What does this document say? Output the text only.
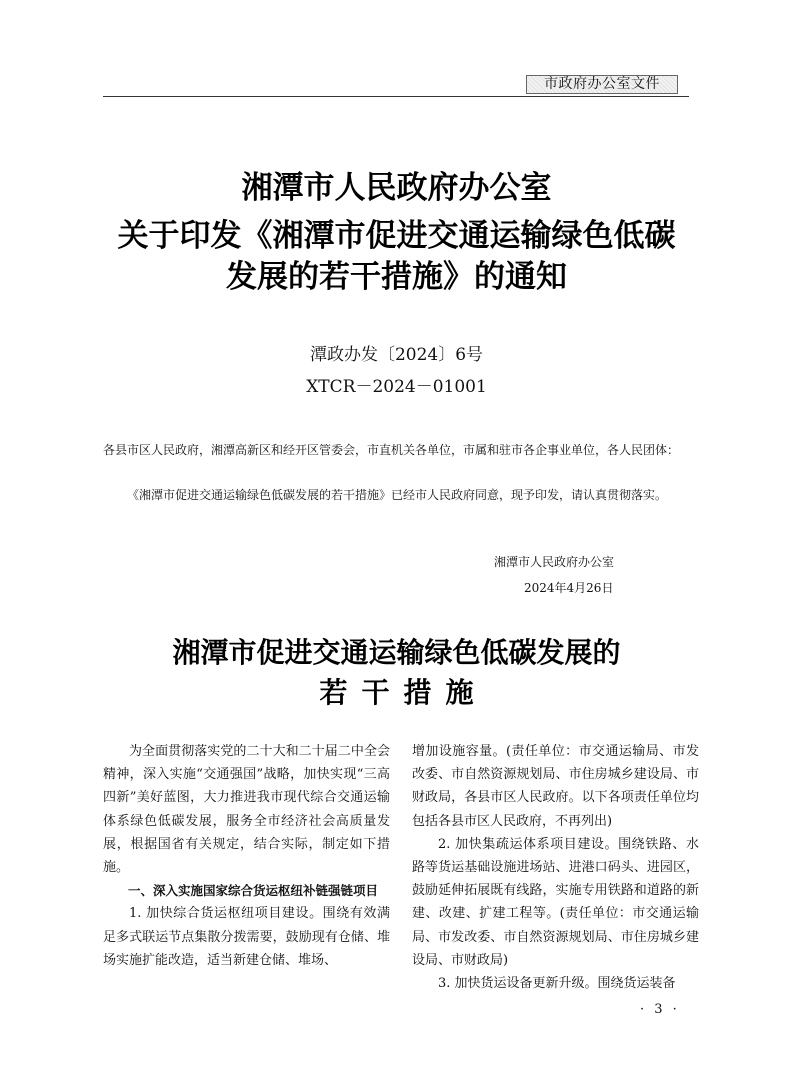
市政府办公室文件
湘潭市人民政府办公室
关于印发《湘潭市促进交通运输绿色低碳
发展的若干措施》的通知
潭政办发〔2024〕6号
XTCR－2024－01001
各县市区人民政府，湘潭高新区和经开区管委会，市直机关各单位，市属和驻市各企事业单位，各人民团体：
《湘潭市促进交通运输绿色低碳发展的若干措施》已经市人民政府同意，现予印发，请认真贯彻落实。
湘潭市人民政府办公室
2024年4月26日
湘潭市促进交通运输绿色低碳发展的
若干措施

为全面贯彻落实党的二十大和二十届二中全会精神，深入实施“交通强国”战略，加快实现“三高四新”美好蓝图，大力推进我市现代综合交通运输体系绿色低碳发展，服务全市经济社会高质量发展，根据国省有关规定，结合实际，制定如下措施。

一、深入实施国家综合货运枢纽补链强链项目

1. 加快综合货运枢纽项目建设。围绕有效满足多式联运节点集散分拨需要，鼓励现有仓储、堆场实施扩能改造，适当新建仓储、堆场、

增加设施容量。(责任单位：市交通运输局、市发改委、市自然资源规划局、市住房城乡建设局、市财政局，各县市区人民政府。以下各项责任单位均包括各县市区人民政府，不再列出)

2. 加快集疏运体系项目建设。围绕铁路、水路等货运基础设施进场站、进港口码头、进园区，鼓励延伸拓展既有线路，实施专用铁路和道路的新建、改建、扩建工程等。(责任单位：市交通运输局、市发改委、市自然资源规划局、市住房城乡建设局、市财政局)

3. 加快货运设备更新升级。围绕货运装备

· 3 ·
